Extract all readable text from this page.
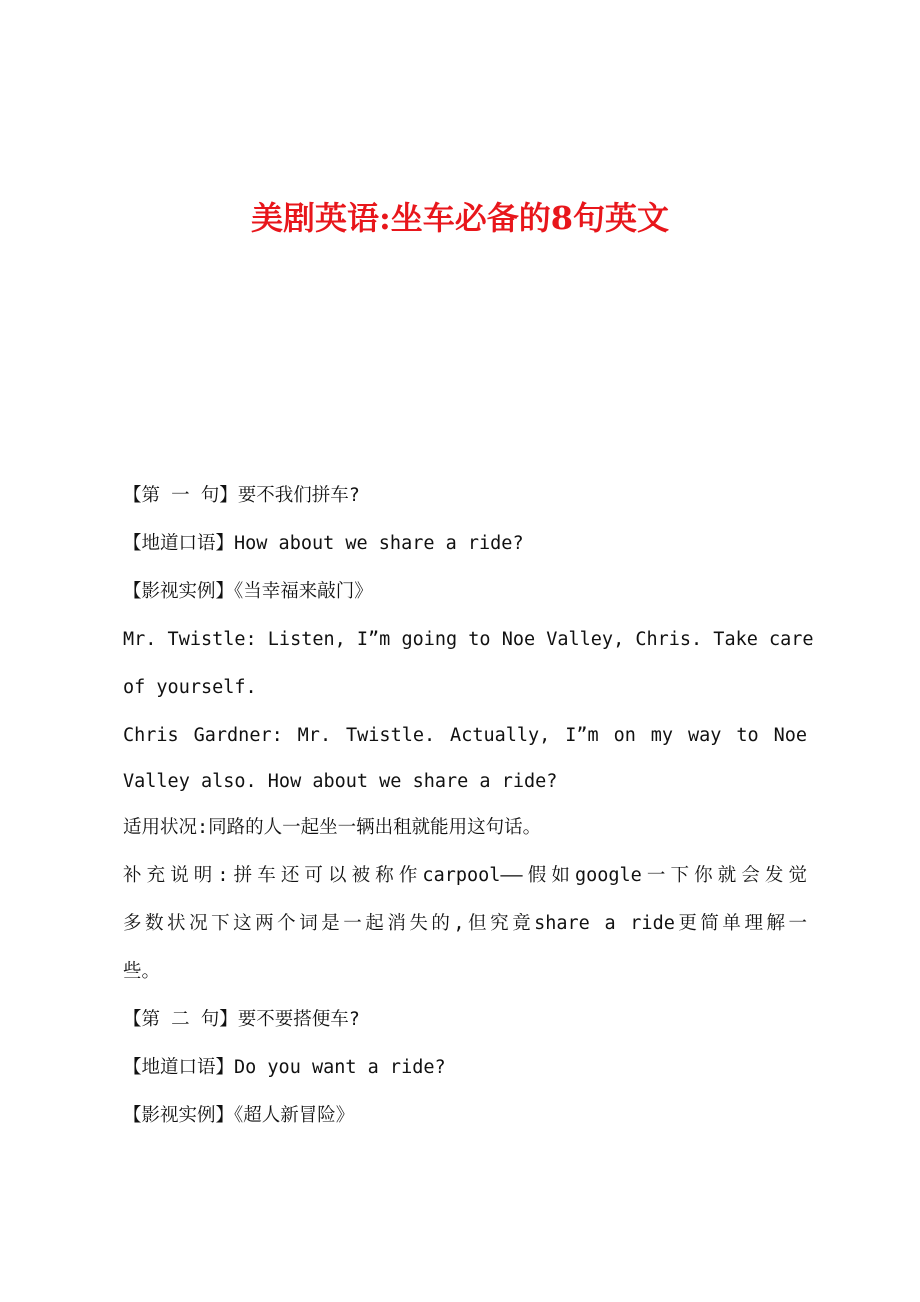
美剧英语:坐车必备的8句英文

【第 一 句】要不我们拼车?

【地道口语】How about we share a ride?

【影视实例】《当幸福来敲门》

Mr. Twistle: Listen, I”m going to Noe Valley, Chris. Take care

of yourself.

Chris Gardner: Mr. Twistle. Actually, I”m on my way to Noe

Valley also. How about we share a ride?

适用状况:同路的人一起坐一辆出租就能用这句话。

补充说明:拼车还可以被称作carpool——假如google一下你就会发觉

多数状况下这两个词是一起消失的,但究竟share a ride更简单理解一

些。

【第 二 句】要不要搭便车?

【地道口语】Do you want a ride?

【影视实例】《超人新冒险》
